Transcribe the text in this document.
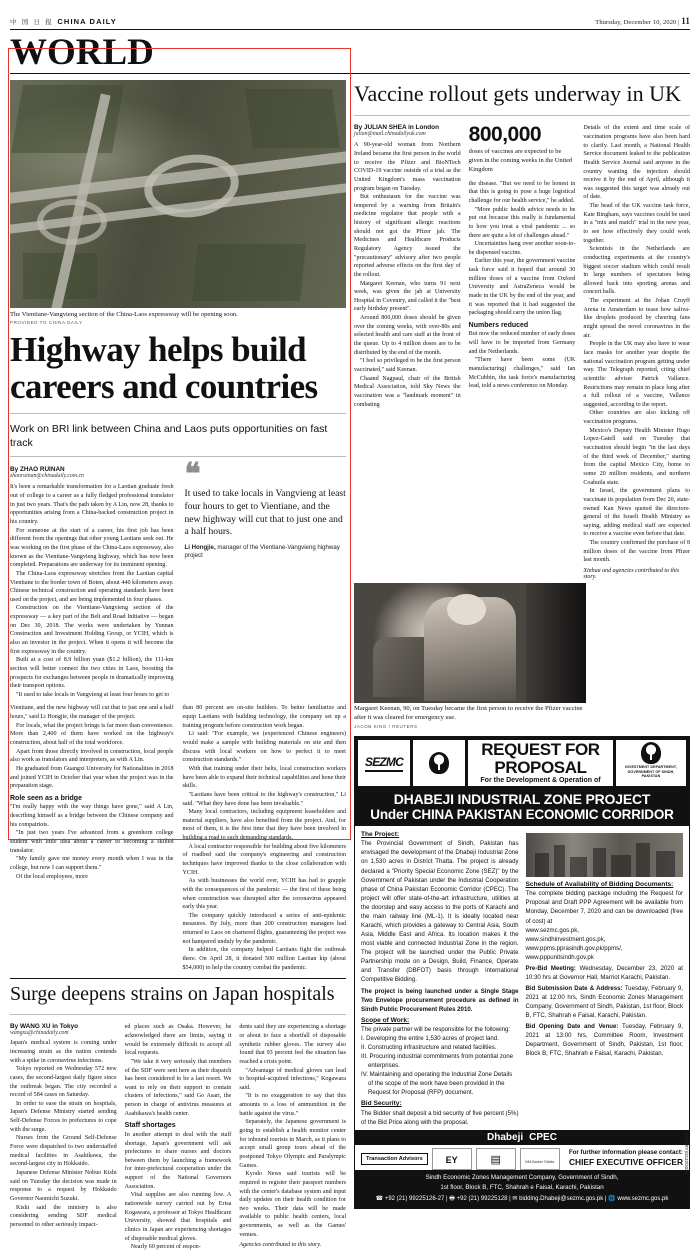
中 国 日 报 CHINA DAILY	Thursday, December 10, 2020 | 11
WORLD
The Vientiane-Vangvieng section of the China-Laos expressway will be opening soon.
PROVIDED TO CHINA DAILY
Highway helps build careers and countries
Work on BRI link between China and Laos puts opportunities on fast track
By ZHAO RUINAN
zhaoruinan@chinadaily.com.cn

It's been a remarkable transformation for a Laotian graduate fresh out of college to a career as a fully fledged professional translator in just two years. That's the path taken by A Lin, now 28, thanks to opportunities arising from a China-backed construction project in his country.

For someone at the start of a career, his first job has been different from the openings that other young Laotians seek out. He was working on the first phase of the China-Laos expressway, also known as the Vientiane-Vangvieng highway, which has now been completed. Preparations are underway for its imminent opening.

The China-Laos expressway stretches from the Laotian capital Vientiane to the border town of Boten, about 440 kilometers away. Chinese technical construction and operating standards have been used on the project, and are being implemented in four phases.

Construction on the Vientiane-Vangvieng section of the expressway — a key part of the Belt and Road Initiative — began on Dec 30, 2018. The works were undertaken by Yunnan Construction and Investment Holding Group, or YCIH, which is also an investor in the project. When it opens it will become the first expressway in the country.

Built at a cost of 8.9 billion yuan ($1.2 billion), the 111-km section will better connect the two cities in Laos, boosting the prospects for exchanges between people in dramatically improving their transport options.

"It used to take locals in Vangvieng at least four hours to get to

❝
It used to take locals in Vangvieng at least four hours to get to Vientiane, and the new highway will cut that to just one and a half hours.
Li Hongjie, manager of the Vientiane-Vangvieng highway project

Vientiane, and the new highway will cut that to just one and a half hours," said Li Hongjie, the manager of the project.

For locals, what the project brings is far more than convenience. More than 2,400 of them have worked on the highway's construction, about half of the total workforce.

Apart from those directly involved in construction, local people also work as translators and interpreters, as with A Lin.

He graduated from Guangxi University for Nationalities in 2018 and joined YCIH in October that year when the project was in the preparation stage.

Role seen as a bridge

"I'm really happy with the way things have gone," said A Lin, describing himself as a bridge between the Chinese company and his compatriots.

"In just two years I've advanced from a greenhorn college student with little idea about a career to becoming a skilled translator.

"My family gave me money every month when I was in the college, but now I can support them."

Of the local employees, more

than 80 percent are on-site builders. To better familiarize and equip Laotians with building technology, the company set up a training program before construction work began.

Li said: "For example, we (experienced Chinese engineers) would make a sample with building materials on site and then discuss with local workers on how to perfect it to meet construction standards."

With that training under their belts, local construction workers have been able to expand their technical capabilities and hone their skills.

"Laotians have been critical to the highway's construction," Li said. "What they have done has been invaluable."

Many local contractors, including equipment leaseholders and material suppliers, have also benefited from the project. And, for most of them, it is the first time that they have been involved in building a road to such demanding standards.

A local contractor responsible for building about five kilometers of roadbed said the company's engineering and construction techniques have improved thanks to the close collaboration with YCIH.

As with businesses the world over, YCIH has had to grapple with the consequences of the pandemic — the first of these being when construction was disrupted after the coronavirus appeared early this year.

The company quickly introduced a series of anti-epidemic measures. By July, more than 200 construction managers had returned to Laos on chartered flights, guaranteeing the project was not hampered unduly by the pandemic.

In addition, the company helped Laotians fight the outbreak there. On April 28, it donated 500 million Laotian kip (about $54,000) to help the country combat the pandemic.

Surge deepens strains on Japan hospitals
By WANG XU in Tokyo
wangxu@chinadaily.com

Japan's medical system is coming under increasing strain as the nation contends with a spike in coronavirus infections.

Tokyo reported on Wednesday 572 new cases, the second-largest daily figure since the outbreak began. The city recorded a record of 584 cases on Saturday.

In order to ease the strain on hospitals, Japan's Defense Ministry started sending Self-Defense Forces to prefectures to cope with the surge.

Nurses from the Ground Self-Defense Force were dispatched to two understaffed medical facilities in Asahikawa, the second-largest city in Hokkaido.

Japanese Defense Minister Nobuo Kishi said on Tuesday the decision was made in response to a request by Hokkaido Governor Naomichi Suzuki.

Kishi said the ministry is also considering sending SDF medical personnel to other seriously impact-

ed places such as Osaka. However, he acknowledged there are limits, saying it would be extremely difficult to accept all local requests.

"We take it very seriously that members of the SDF were sent here as their dispatch has been considered to be a last resort. We want to rely on their support to contain clusters of infections," said Go Asari, the person in charge of antivirus measures at Asahikawa's health center.

Staff shortages

In another attempt to deal with the staff shortage, Japan's government will ask prefectures to share nurses and doctors between them by launching a framework for inter-prefectural cooperation under the support of the National Governors Association.

Vital supplies are also running low. A nationwide survey carried out by Erisa Kogawara, a professor at Tokyo Healthcare University, showed that hospitals and clinics in Japan are experiencing shortages of disposable medical gloves.

Nearly 60 percent of respon-

dents said they are experiencing a shortage or about to face a shortfall of disposable synthetic rubber gloves. The survey also found that 93 percent feel the situation has reached a crisis point.

"Advantage of medical gloves can lead to hospital-acquired infections," Kogawara said.

"It is no exaggeration to say that this amounts to a loss of ammunition in the battle against the virus."

Separately, the Japanese government is going to establish a health monitor center for inbound tourists in March, as it plans to accept small group tours ahead of the postponed Tokyo Olympic and Paralympic Games.

Kyodo News said tourists will be required to register their passport numbers with the center's database system and input daily updates on their health condition for two weeks. Their data will be made available to public health centers, local governments, as well as the Games' venues.

Agencies contributed to this story.
Vaccine rollout gets underway in UK
By JULIAN SHEA in London
julian@mail.chinadailyuk.com

A 90-year-old woman from Northern Ireland became the first person in the world to receive the Pfizer and BioNTech COVID-19 vaccine outside of a trial as the United Kingdom's mass vaccination program began on Tuesday.

But enthusiasm for the vaccine was tempered by a warning from Britain's medicine regulator that people with a history of significant allergic reactions should not got the Pfizer jab. The Medicines and Healthcare Products Regulatory Agency issued the "precautionary" advisory after two people reported adverse effects on the first day of the rollout.

Margaret Keenan, who turns 91 next week, was given the jab at University Hospital in Coventry, and called it the "best early birthday present".

Around 800,000 doses should be given over the coming weeks, with over-80s and selected health and care staff at the front of the queue. Up to 4 million doses are to be distributed by the end of the month.

"I feel so privileged to be the first person vaccinated," said Keenan.

Chaand Nagpaul, chair of the British Medical Association, told Sky News the vaccination was a "landmark moment" in combating

800,000
doses of vaccines are expected to be given in the coming weeks in the United Kingdom

the disease. "But we need to be honest in that this is going to pose a huge logistical challenge for our health service," he added.

"More public health advice needs to be put out because this really is fundamental to how you treat a viral pandemic ... so there are quite a lot of challenges ahead."

Uncertainties hang over another soon-to-be dispensed vaccine.

Earlier this year, the government vaccine task force said it hoped that around 30 million doses of a vaccine from Oxford University and AstraZeneca would be made in the UK by the end of the year, and it was reported that it had suggested the packaging should carry the union flag.

Numbers reduced

But now the reduced number of early doses will have to be imported from Germany and the Netherlands.

"There have been some (UK manufacturing) challenges," said Ian McCubbin, the task force's manufacturing lead, told a news conference on Monday.

Details of the extent and time scale of vaccination programs have also been hard to clarify. Last month, a National Health Service document leaked to the publication Health Service Journal said anyone in the country wanting the injection should receive it by the end of April, although it was suggested this target was already out of date.

The head of the UK vaccine task force, Kate Bingham, says vaccines could be used in a "mix and match" trial in the new year, to see how effectively they could work together.

Scientists in the Netherlands are conducting experiments at the country's biggest soccer stadium which could result in large numbers of spectators being allowed back into sporting arenas and concert halls.

The experiment at the Johan Cruyff Arena in Amsterdam to tease how saliva-like droplets produced by cheering fans might spread the novel coronavirus in the air.

People in the UK may also have to wear face masks for another year despite the national vaccination program getting under way. The Telegraph reported, citing chief scientific adviser Patrick Vallance. Restrictions may remain in place long after a full rollout of a vaccine, Vallance suggested, according to the report.

Other countries are also kicking off vaccination programs.

Mexico's Deputy Health Minister Hugo Lopez-Gatell said on Tuesday that vaccination should begin "in the last days of the third week of December," starting from the capital Mexico City, home to some 20 million residents, and northern Coahuila state.

In Israel, the government plans to vaccinate its population from Dec 20, state-owned Kan News quoted the directors-general of the Israeli Health Ministry as saying, adding medical staff are expected to receive a vaccine even before that date.

The country confirmed the purchase of 8 million doses of the vaccine from Pfizer last month.

Xinhua and agencies contributed to this story.
Margaret Keenan, 90, on Tuesday became the first person to receive the Pfizer vaccine after it was cleared for emergency use.
JACOB KING / REUTERS
SEZMC
REQUEST FOR PROPOSAL
For the Development & Operation of
INVESTMENT DEPARTMENT, GOVERNMENT OF SINDH, PAKISTAN
DHABEJI INDUSTRIAL ZONE PROJECT
Under CHINA PAKISTAN ECONOMIC CORRIDOR
The Project:
The Provincial Government of Sindh, Pakistan has envisaged the development of the Dhabeji Industrial Zone on 1,530 acres in District Thatta. The project is already declared a "Priority Special Economic Zone (SEZ)" by the Government of Pakistan under the Industrial Cooperation phase of China Pakistan Economic Corridor (CPEC). The project will offer state-of-the-art infrastructure, utilities at the doorstep and easy access to the ports of Karachi and the main railway line (ML-1). It is ideally located near Karachi, which provides a gateway to Central Asia, South Asia, Middle East and Africa. Its location makes it the most viable and connected Industrial Zone in the region. The project will be launched under the Public Private Partnership mode on a Design, Build, Finance, Operate and Transfer (DBFOT) basis through International Competitive Bidding.
The project is being launched under a Single Stage Two Envelope procurement procedure as defined in Sindh Public Procurement Rules 2010.
Scope of Work:
The private partner will be responsible for the following:
I. Developing the entire 1,530 acres of project land.
II. Constructing infrastructure and related facilities.
III. Procuring industrial commitments from potential zone enterprises.
IV. Maintaining and operating the Industrial Zone Details of the scope of the work have been provided in the Request for Proposal (RFP) document.
Bid Security:
The Bidder shall deposit a bid security of five percent (5%) of the Bid Price along with the proposal.
Schedule of Availability of Bidding Documents:
The complete bidding package including the Request for Proposal and Draft PPP Agreement will be available from Monday, December 7, 2020 and can be downloaded (free of cost) at
www.sezmc.gos.pk,
www.sindhinvestment.gos.pk,
www.ppms.pprasindh.gov.pk/ppms/,
www.pppunitsindh.gov.pk
Pre-Bid Meeting: Wednesday, December 23, 2020 at 10:30 hrs at Governor Hall, Marriot Karachi, Pakistan.
Bid Submission Date & Address: Tuesday, February 9, 2021 at 12:00 hrs, Sindh Economic Zones Management Company, Government of Sindh, Pakistan, 1st floor, Block B, FTC, Shahrah e Faisal, Karachi, Pakistan.
Bid Opening Date and Venue: Tuesday, February 9, 2021 at 13:00 hrs, Committee Room, Investment Department, Government of Sindh, Pakistan, 1st floor, Block B, FTC, Shahrah e Faisal, Karachi, Pakistan.
Dhabeji CPEC
Transaction Advisors	EY	▤	IMA Barker Gilotts
For further information please contact:
CHIEF EXECUTIVE OFFICER
Sindh Economic Zones Management Company, Government of Sindh,
1st floor, Block B, FTC, Shahrah e Faisal, Karachi, Pakistan
☎ +92 (21) 99225126-27 | 🖶 +92 (21) 99225128 | ✉ bidding.Dhabeji@sezmc.gos.pk | 🌐 www.sezmc.gos.pk
INF(KRY)/3132/2020
